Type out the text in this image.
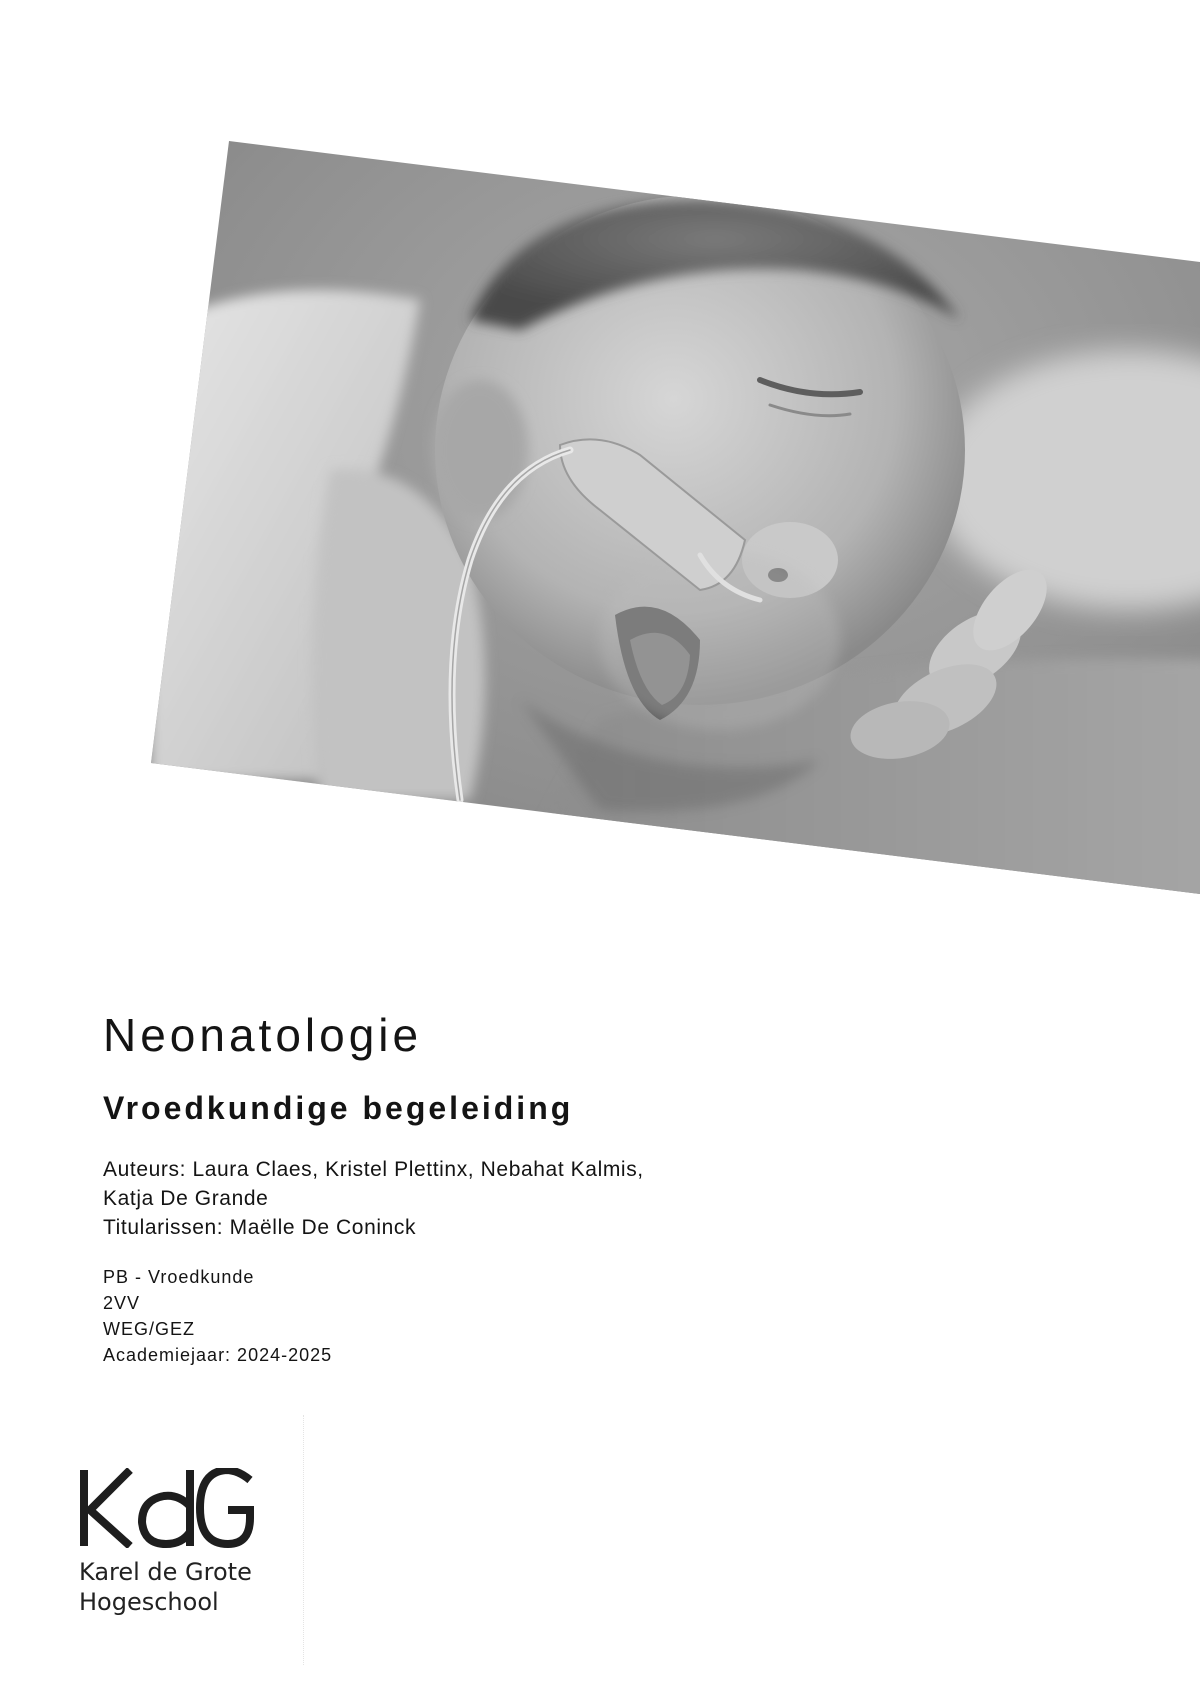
Neonatologie
Vroedkundige begeleiding
Auteurs: Laura Claes, Kristel Plettinx, Nebahat Kalmis,
Katja De Grande
Titularissen: Maëlle De Coninck
PB - Vroedkunde
2VV
WEG/GEZ
Academiejaar: 2024-2025
Karel de Grote
Hogeschool
